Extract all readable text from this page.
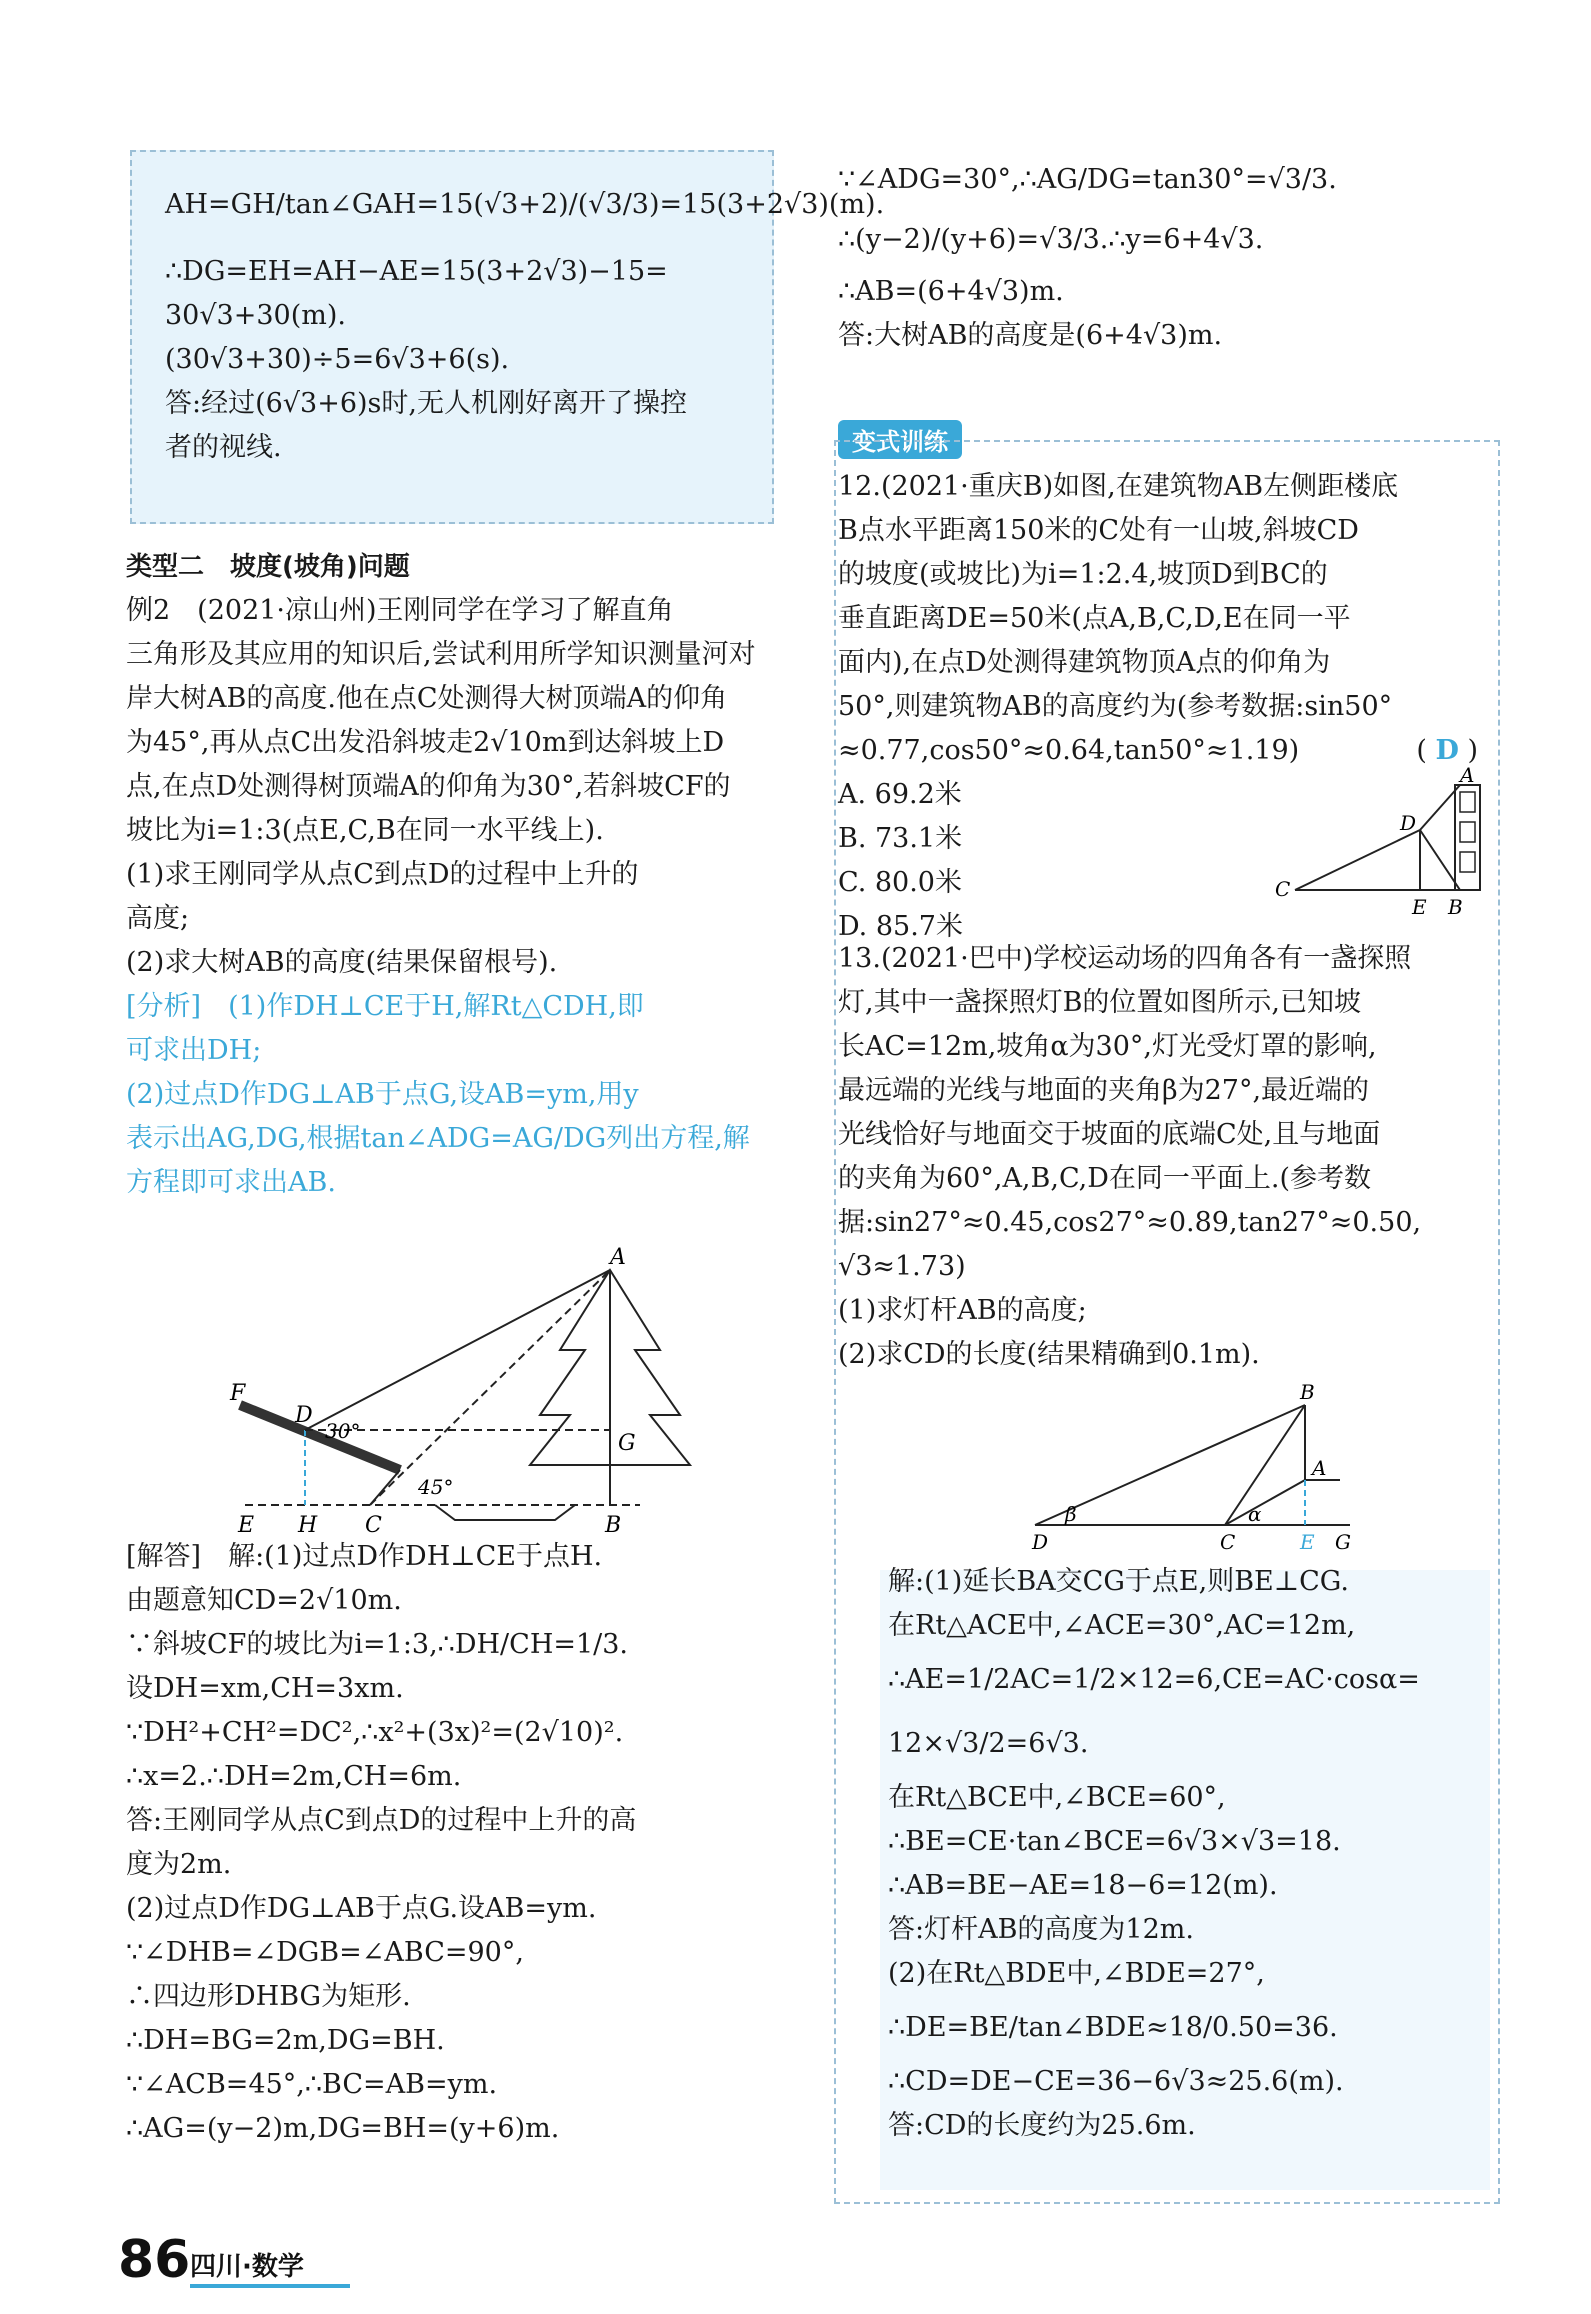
AH=GH/tan∠GAH=15(√3+2)/(√3/3)=15(3+2√3)(m).
∴DG=EH=AH−AE=15(3+2√3)−15=
30√3+30(m).
(30√3+30)÷5=6√3+6(s).
答:经过(6√3+6)s时,无人机刚好离开了操控
者的视线.
类型二　坡度(坡角)问题
例2　(2021·凉山州)王刚同学在学习了解直角
三角形及其应用的知识后,尝试利用所学知识测量河对
岸大树AB的高度.他在点C处测得大树顶端A的仰角
为45°,再从点C出发沿斜坡走2√10m到达斜坡上D
点,在点D处测得树顶端A的仰角为30°,若斜坡CF的
坡比为i=1:3(点E,C,B在同一水平线上).
(1)求王刚同学从点C到点D的过程中上升的
高度;
(2)求大树AB的高度(结果保留根号).
[分析]　(1)作DH⊥CE于H,解Rt△CDH,即
可求出DH;
(2)过点D作DG⊥AB于点G,设AB=ym,用y
表示出AG,DG,根据tan∠ADG=AG/DG列出方程,解
方程即可求出AB.
A
F
D
30°
45°
E H C	B
G
[解答]　解:(1)过点D作DH⊥CE于点H.
由题意知CD=2√10m.
∵斜坡CF的坡比为i=1:3,∴DH/CH=1/3.
设DH=xm,CH=3xm.
∵DH²+CH²=DC²,∴x²+(3x)²=(2√10)².
∴x=2.∴DH=2m,CH=6m.
答:王刚同学从点C到点D的过程中上升的高
度为2m.
(2)过点D作DG⊥AB于点G.设AB=ym.
∵∠DHB=∠DGB=∠ABC=90°,
∴四边形DHBG为矩形.
∴DH=BG=2m,DG=BH.
∵∠ACB=45°,∴BC=AB=ym.
∴AG=(y−2)m,DG=BH=(y+6)m.
∵∠ADG=30°,∴AG/DG=tan30°=√3/3.
∴(y−2)/(y+6)=√3/3.∴y=6+4√3.
∴AB=(6+4√3)m.
答:大树AB的高度是(6+4√3)m.
变式训练
12.(2021·重庆B)如图,在建筑物AB左侧距楼底
B点水平距离150米的C处有一山坡,斜坡CD
的坡度(或坡比)为i=1:2.4,坡顶D到BC的
垂直距离DE=50米(点A,B,C,D,E在同一平
面内),在点D处测得建筑物顶A点的仰角为
50°,则建筑物AB的高度约为(参考数据:sin50°
≈0.77,cos50°≈0.64,tan50°≈1.19)	( D )
A. 69.2米
B. 73.1米
C. 80.0米
D. 85.7米
A
D
C
E B
13.(2021·巴中)学校运动场的四角各有一盏探照
灯,其中一盏探照灯B的位置如图所示,已知坡
长AC=12m,坡角α为30°,灯光受灯罩的影响,
最远端的光线与地面的夹角β为27°,最近端的
光线恰好与地面交于坡面的底端C处,且与地面
的夹角为60°,A,B,C,D在同一平面上.(参考数
据:sin27°≈0.45,cos27°≈0.89,tan27°≈0.50,
√3≈1.73)
(1)求灯杆AB的高度;
(2)求CD的长度(结果精确到0.1m).
B
A
D
β
C
α
E G
解:(1)延长BA交CG于点E,则BE⊥CG.
在Rt△ACE中,∠ACE=30°,AC=12m,
∴AE=1/2AC=1/2×12=6,CE=AC·cosα=
12×√3/2=6√3.
在Rt△BCE中,∠BCE=60°,
∴BE=CE·tan∠BCE=6√3×√3=18.
∴AB=BE−AE=18−6=12(m).
答:灯杆AB的高度为12m.
(2)在Rt△BDE中,∠BDE=27°,
∴DE=BE/tan∠BDE≈18/0.50=36.
∴CD=DE−CE=36−6√3≈25.6(m).
答:CD的长度约为25.6m.
86 四川·数学
